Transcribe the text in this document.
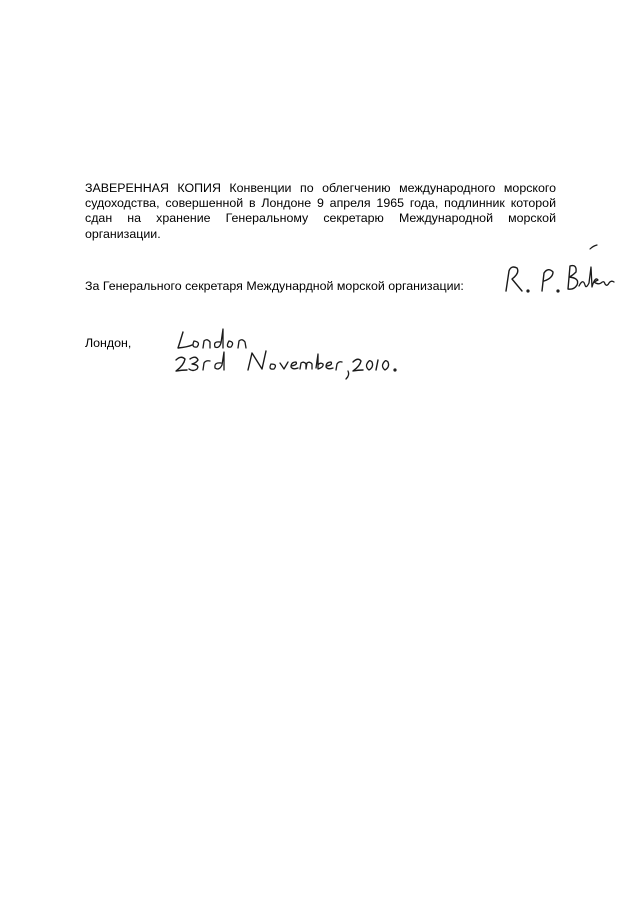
ЗАВЕРЕННАЯ КОПИЯ Конвенции по облегчению международного морского судоходства, совершенной в Лондоне 9 апреля 1965 года, подлинник которой сдан на хранение Генеральному секретарю Международной морской организации.

За Генерального секретаря Междунардной морской организации:
Лондон,
